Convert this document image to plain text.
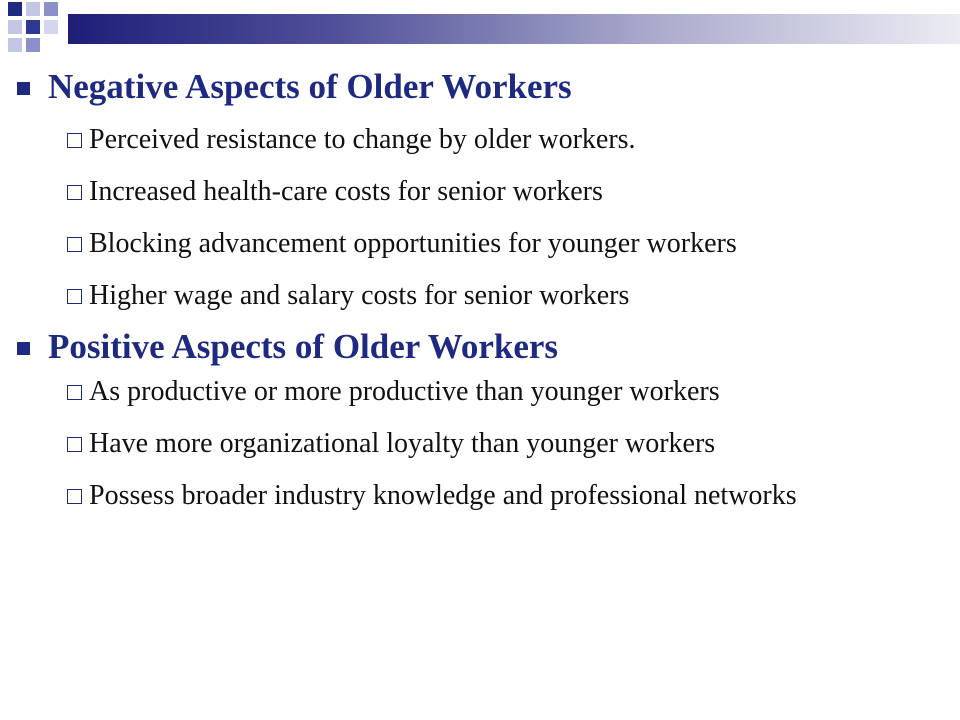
Negative Aspects of Older Workers
Perceived resistance to change by older workers.
Increased health-care costs for senior workers
Blocking advancement opportunities for younger workers
Higher wage and salary costs for senior workers
Positive Aspects of Older Workers
As productive or more productive than younger workers
Have more organizational loyalty than younger workers
Possess broader industry knowledge and professional networks
